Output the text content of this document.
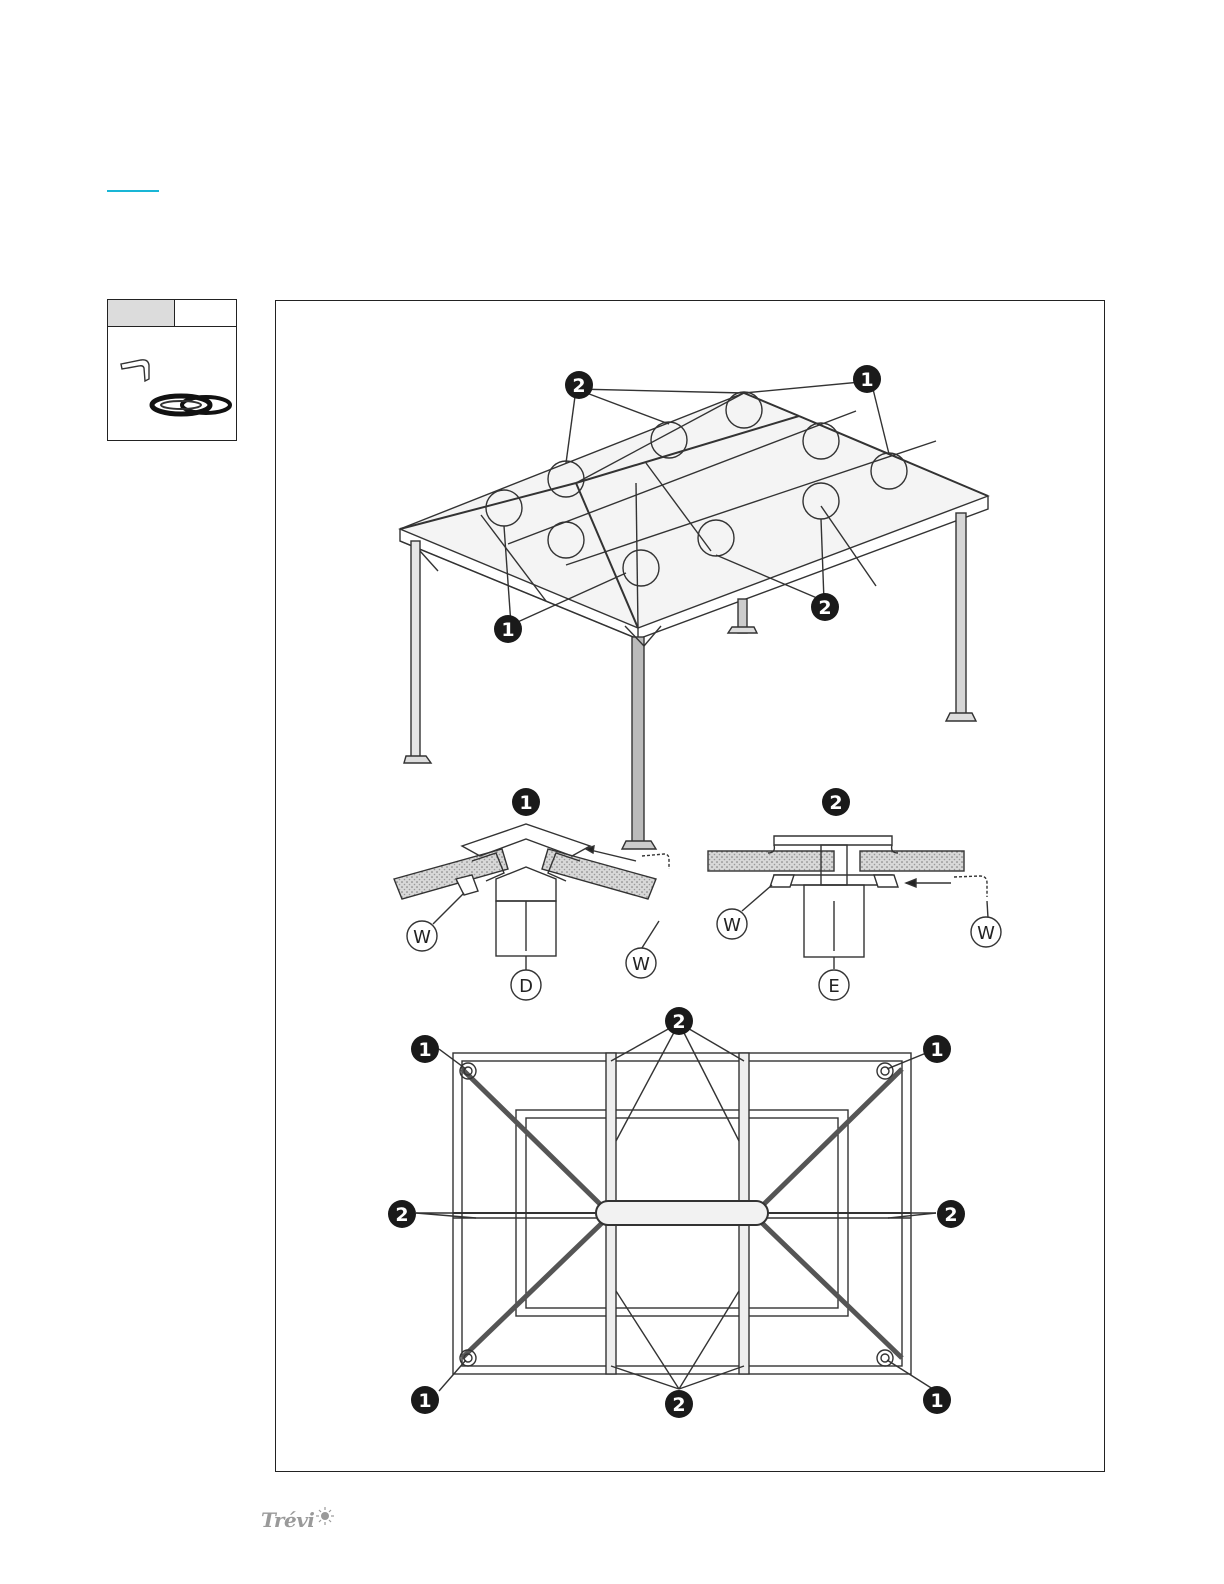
1
1
2
2
1
W
W
D
2
W	W
E
1	1
1	1
2
2	2
2
Trévi
